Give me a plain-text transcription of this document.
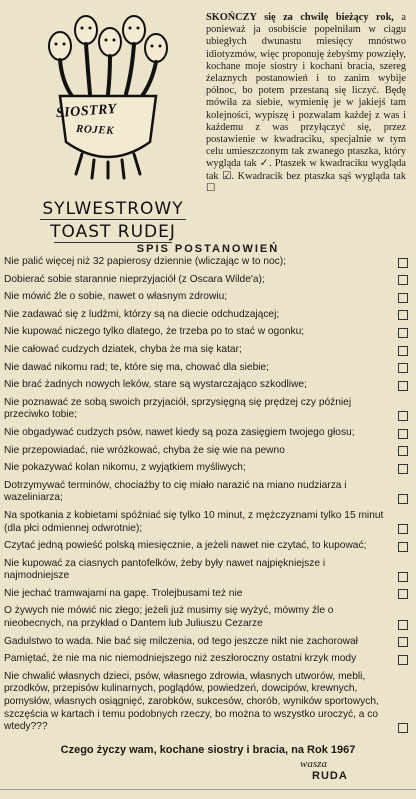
SIOSTRY
ROJEK
SYLWESTROWY
TOAST RUDEJ
SKOŃCZY się za chwilę bieżący rok, a ponieważ ja osobiście popełniłam w ciągu ubiegłych dwunastu miesięcy mnóstwo idiotyzmów, więc proponuję żebyśmy powzięły, kochane moje siostry i kochani bracia, szereg żelaznych postanowień i to zanim wybije północ, bo potem przestaną się liczyć. Będę mówiła za siebie, wymienię je w jakiejś tam kolejności, wypiszę i pozwalam każdej z was i każdemu z was przyłączyć się, przez postawienie w kwadraciku, specjalnie w tym celu umieszczonym tak zwanego ptaszka, który wygląda tak ✓. Ptaszek w kwadraciku wygląda tak ☑. Kwadracik bez ptaszka sąś wygląda tak ☐
SPIS POSTANOWIEŃ
Nie palić więcej niż 32 papierosy dziennie (wliczając w to noc);
Dobierać sobie starannie nieprzyjaciół (z Oscara Wilde'a);
Nie mówić źle o sobie, nawet o własnym zdrowiu;
Nie zadawać się z ludźmi, którzy są na diecie odchudzającej;
Nie kupować niczego tylko dlatego, że trzeba po to stać w ogonku;
Nie całować cudzych dziatek, chyba że ma się katar;
Nie dawać nikomu rad; te, które się ma, chować dla siebie;
Nie brać żadnych nowych leków, stare są wystarczająco szkodliwe;
Nie poznawać ze sobą swoich przyjaciół, sprzysięgną się prędzej czy później przeciwko tobie;
Nie obgadywać cudzych psów, nawet kiedy są poza zasięgiem twojego głosu;
Nie przepowiadać, nie wróżkować, chyba że się wie na pewno
Nie pokazywać kolan nikomu, z wyjątkiem myśliwych;
Dotrzymywać terminów, chociażby to cię miało narazić na miano nudziarza i wazeliniarza;
Na spotkania z kobietami spóźniać się tylko 10 minut, z mężczyznami tylko 15 minut (dla płci odmiennej odwrotnie);
Czytać jedną powieść polską miesięcznie, a jeżeli nawet nie czytać, to kupować;
Nie kupować za ciasnych pantofelków, żeby były nawet najpiękniejsze i najmodniejsze
Nie jechać tramwajami na gapę. Trolejbusami też nie
O żywych nie mówić nic złego; jeżeli już musimy się wyżyć, mówmy źle o nieobecnych, na przykład o Dantem lub Juliuszu Cezarze
Gadulstwo to wada. Nie bać się milczenia, od tego jeszcze nikt nie zachorował
Pamiętać, że nie ma nic niemodniejszego niż zeszłoroczny ostatni krzyk mody
Nie chwalić własnych dzieci, psów, własnego zdrowia, własnych utworów, mebli, przodków, przepisów kulinarnych, poglądów, powiedzeń, dowcipów, krewnych, pomysłów, własnych osiągnięć, zarobków, sukcesów, chorób, wyników sportowych, szczęścia w kartach i temu podobnych rzeczy, bo można to wszystko uroczyć, a co wtedy???
Czego życzy wam, kochane siostry i bracia, na Rok 1967
wasza
RUDA
